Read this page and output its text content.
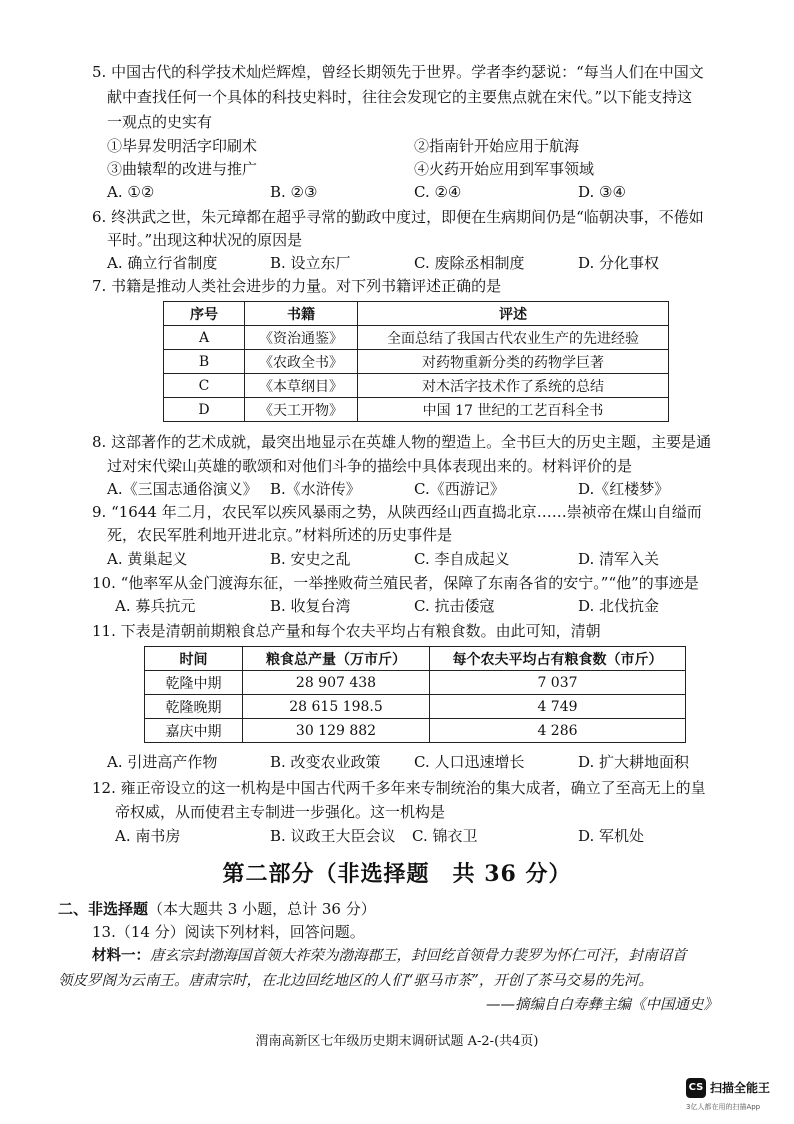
5. 中国古代的科学技术灿烂辉煌，曾经长期领先于世界。学者李约瑟说：“每当人们在中国文
献中查找任何一个具体的科技史料时，往往会发现它的主要焦点就在宋代。”以下能支持这
一观点的史实有
①毕昇发明活字印刷术	②指南针开始应用于航海
③曲辕犁的改进与推广	④火药开始应用到军事领域
A. ①②	B. ②③	C. ②④	D. ③④
6. 终洪武之世，朱元璋都在超乎寻常的勤政中度过，即便在生病期间仍是“临朝决事，不倦如
平时。”出现这种状况的原因是
A. 确立行省制度	B. 设立东厂	C. 废除丞相制度	D. 分化事权
7. 书籍是推动人类社会进步的力量。对下列书籍评述正确的是
序号	书籍	评述
A	《资治通鉴》	全面总结了我国古代农业生产的先进经验
B	《农政全书》	对药物重新分类的药物学巨著
C	《本草纲目》	对木活字技术作了系统的总结
D	《天工开物》	中国 17 世纪的工艺百科全书
8. 这部著作的艺术成就，最突出地显示在英雄人物的塑造上。全书巨大的历史主题，主要是通
过对宋代梁山英雄的歌颂和对他们斗争的描绘中具体表现出来的。材料评价的是
A.《三国志通俗演义》 B.《水浒传》	C.《西游记》	D.《红楼梦》
9. “1644 年二月，农民军以疾风暴雨之势，从陕西经山西直捣北京……崇祯帝在煤山自缢而
死，农民军胜利地开进北京。”材料所述的历史事件是
A. 黄巢起义	B. 安史之乱	C. 李自成起义	D. 清军入关
10. “他率军从金门渡海东征，一举挫败荷兰殖民者，保障了东南各省的安宁。”“他”的事迹是
A. 募兵抗元	B. 收复台湾	C. 抗击倭寇	D. 北伐抗金
11. 下表是清朝前期粮食总产量和每个农夫平均占有粮食数。由此可知，清朝
时间	粮食总产量（万市斤）	每个农夫平均占有粮食数（市斤）
乾隆中期	28 907 438	7 037
乾隆晚期	28 615 198.5	4 749
嘉庆中期	30 129 882	4 286
A. 引进高产作物	B. 改变农业政策 C. 人口迅速增长	D. 扩大耕地面积
12. 雍正帝设立的这一机构是中国古代两千多年来专制统治的集大成者，确立了至高无上的皇
帝权威，从而使君主专制进一步强化。这一机构是
A. 南书房	B. 议政王大臣会议 C. 锦衣卫	D. 军机处
第二部分（非选择题　共 36 分）
二、非选择题（本大题共 3 小题，总计 36 分）
13.（14 分）阅读下列材料，回答问题。
材料一：唐玄宗封渤海国首领大祚荣为渤海郡王，封回纥首领骨力裴罗为怀仁可汗，封南诏首
领皮罗阁为云南王。唐肃宗时，在北边回纥地区的人们“驱马市茶”，开创了茶马交易的先河。
——摘编自白寿彝主编《中国通史》
渭南高新区七年级历史期末调研试题 A-2-(共4页)
CS 扫描全能王
3亿人都在用的扫描App
